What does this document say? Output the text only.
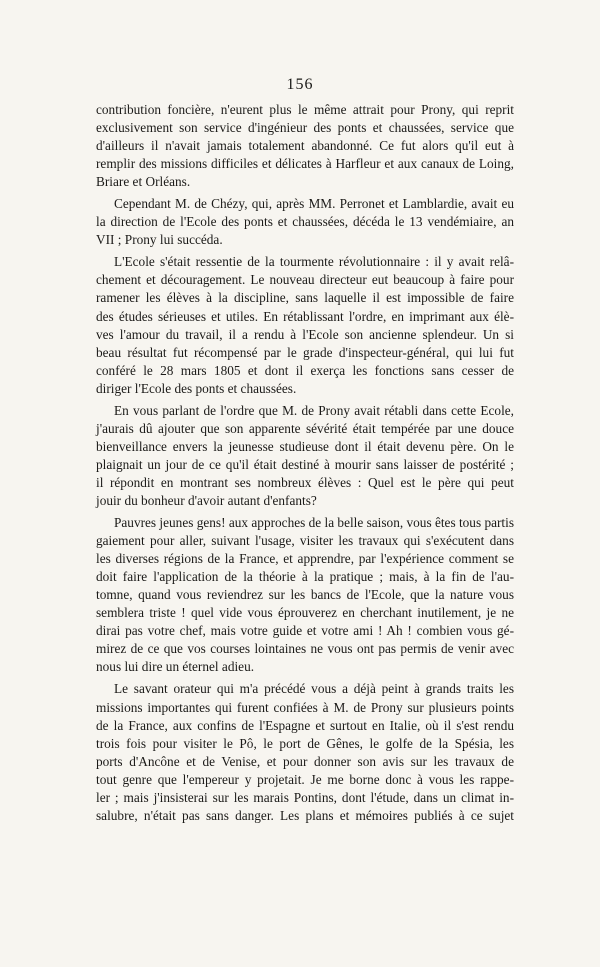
156

contribution foncière, n'eurent plus le même attrait pour Prony, qui reprit
exclusivement son service d'ingénieur des ponts et chaussées, service que
d'ailleurs il n'avait jamais totalement abandonné. Ce fut alors qu'il eut à
remplir des missions difficiles et délicates à Harfleur et aux canaux de Loing,
Briare et Orléans.

Cependant M. de Chézy, qui, après MM. Perronet et Lamblardie, avait eu
la direction de l'Ecole des ponts et chaussées, décéda le 13 vendémiaire, an
VII ; Prony lui succéda.

L'Ecole s'était ressentie de la tourmente révolutionnaire : il y avait relâ-
chement et découragement. Le nouveau directeur eut beaucoup à faire pour
ramener les élèves à la discipline, sans laquelle il est impossible de faire
des études sérieuses et utiles. En rétablissant l'ordre, en imprimant aux élè-
ves l'amour du travail, il a rendu à l'Ecole son ancienne splendeur. Un si
beau résultat fut récompensé par le grade d'inspecteur-général, qui lui fut
conféré le 28 mars 1805 et dont il exerça les fonctions sans cesser de
diriger l'Ecole des ponts et chaussées.

En vous parlant de l'ordre que M. de Prony avait rétabli dans cette Ecole,
j'aurais dû ajouter que son apparente sévérité était tempérée par une douce
bienveillance envers la jeunesse studieuse dont il était devenu père. On le
plaignait un jour de ce qu'il était destiné à mourir sans laisser de postérité ;
il répondit en montrant ses nombreux élèves : Quel est le père qui peut
jouir du bonheur d'avoir autant d'enfants?

Pauvres jeunes gens! aux approches de la belle saison, vous êtes tous partis
gaiement pour aller, suivant l'usage, visiter les travaux qui s'exécutent dans
les diverses régions de la France, et apprendre, par l'expérience comment se
doit faire l'application de la théorie à la pratique ; mais, à la fin de l'au-
tomne, quand vous reviendrez sur les bancs de l'Ecole, que la nature vous
semblera triste ! quel vide vous éprouverez en cherchant inutilement, je ne
dirai pas votre chef, mais votre guide et votre ami ! Ah ! combien vous gé-
mirez de ce que vos courses lointaines ne vous ont pas permis de venir avec
nous lui dire un éternel adieu.

Le savant orateur qui m'a précédé vous a déjà peint à grands traits les
missions importantes qui furent confiées à M. de Prony sur plusieurs points
de la France, aux confins de l'Espagne et surtout en Italie, où il s'est rendu
trois fois pour visiter le Pô, le port de Gênes, le golfe de la Spésia, les
ports d'Ancône et de Venise, et pour donner son avis sur les travaux de
tout genre que l'empereur y projetait. Je me borne donc à vous les rappe-
ler ; mais j'insisterai sur les marais Pontins, dont l'étude, dans un climat in-
salubre, n'était pas sans danger. Les plans et mémoires publiés à ce sujet
